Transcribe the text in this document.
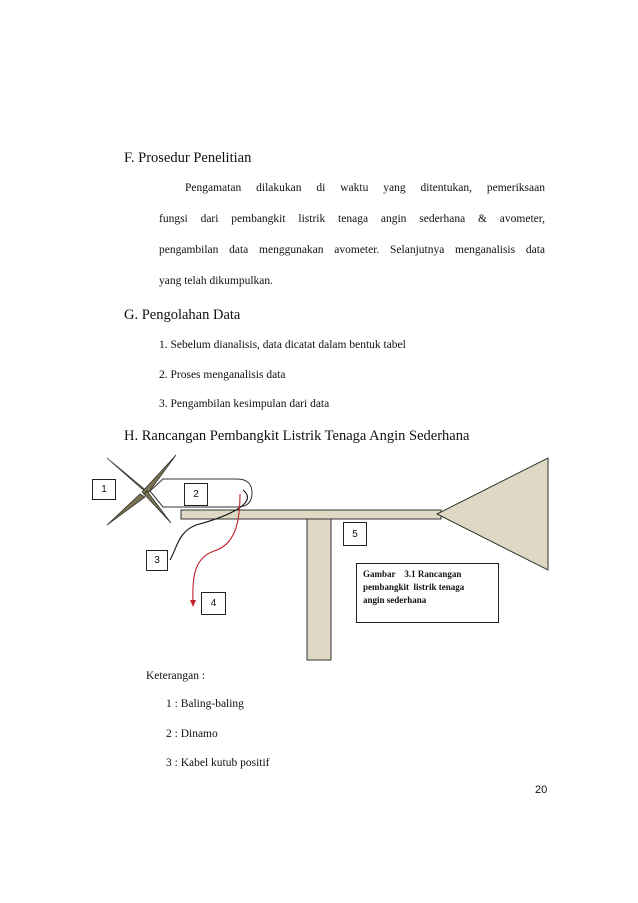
F. Prosedur Penelitian
Pengamatan dilakukan di waktu yang ditentukan, pemeriksaan
fungsi dari pembangkit listrik tenaga angin sederhana & avometer,
pengambilan data menggunakan avometer. Selanjutnya menganalisis data
yang telah dikumpulkan.
G. Pengolahan Data
1. Sebelum dianalisis, data dicatat dalam bentuk tabel
2. Proses menganalisis data
3. Pengambilan kesimpulan dari data
H. Rancangan Pembangkit Listrik Tenaga Angin Sederhana
1	2
3
4
5
Gambar    3.1 Rancangan
pembangkit  listrik tenaga
angin sederhana
Keterangan :
1 : Baling-baling
2 : Dinamo
3 : Kabel kutub positif
20
